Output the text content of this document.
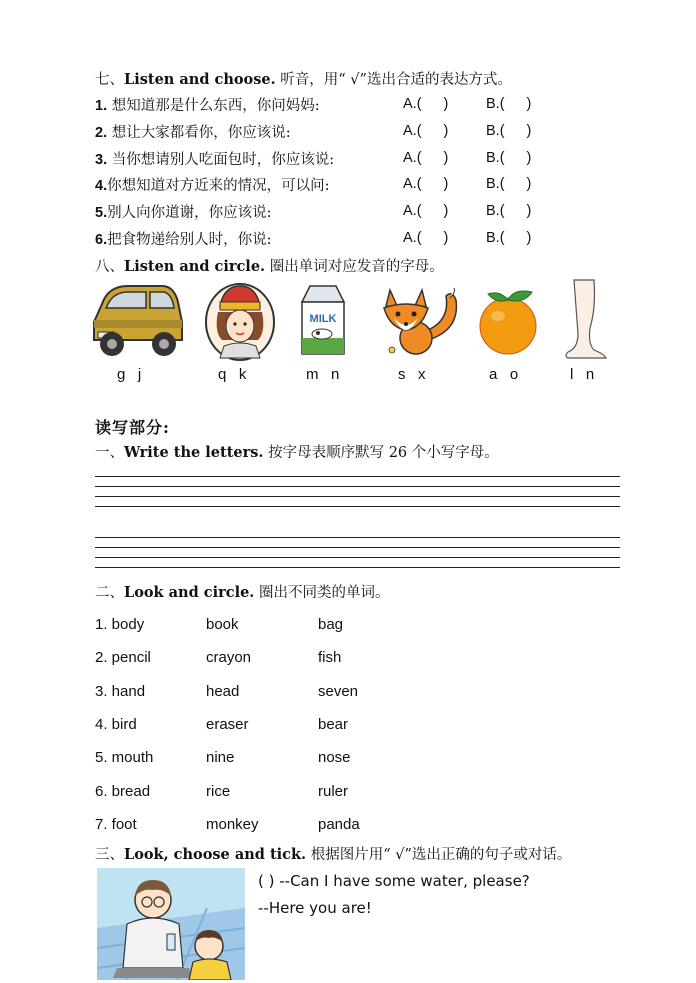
七、Listen and choose. 听音，用“ √”选出合适的表达方式。
1. 想知道那是什么东西，你问妈妈:	A.( )	B.( )
2. 想让大家都看你，你应该说:	A.( )	B.( )
3. 当你想请别人吃面包时，你应该说:	A.( )	B.( )
4.你想知道对方近来的情况，可以问:	A.( )	B.( )
5.别人向你道谢，你应该说:	A.( )	B.( )
6.把食物递给别人时，你说:	A.( )	B.( )
八、Listen and circle. 圈出单词对应发音的字母。
MILK
g   j	q   k	m   n	s   x	a   o	l   n
读写部分:
一、Write the letters. 按字母表顺序默写 26 个小写字母。
二、Look and circle. 圈出不同类的单词。
1. body	book	bag
2. pencil	crayon	fish
3. hand	head	seven
4. bird	eraser	bear
5. mouth	nine	nose
6. bread	rice	ruler
7. foot	monkey	panda
三、Look, choose and tick. 根据图片用“ √”选出正确的句子或对话。
( ) --Can I have some water, please?
--Here you are!
